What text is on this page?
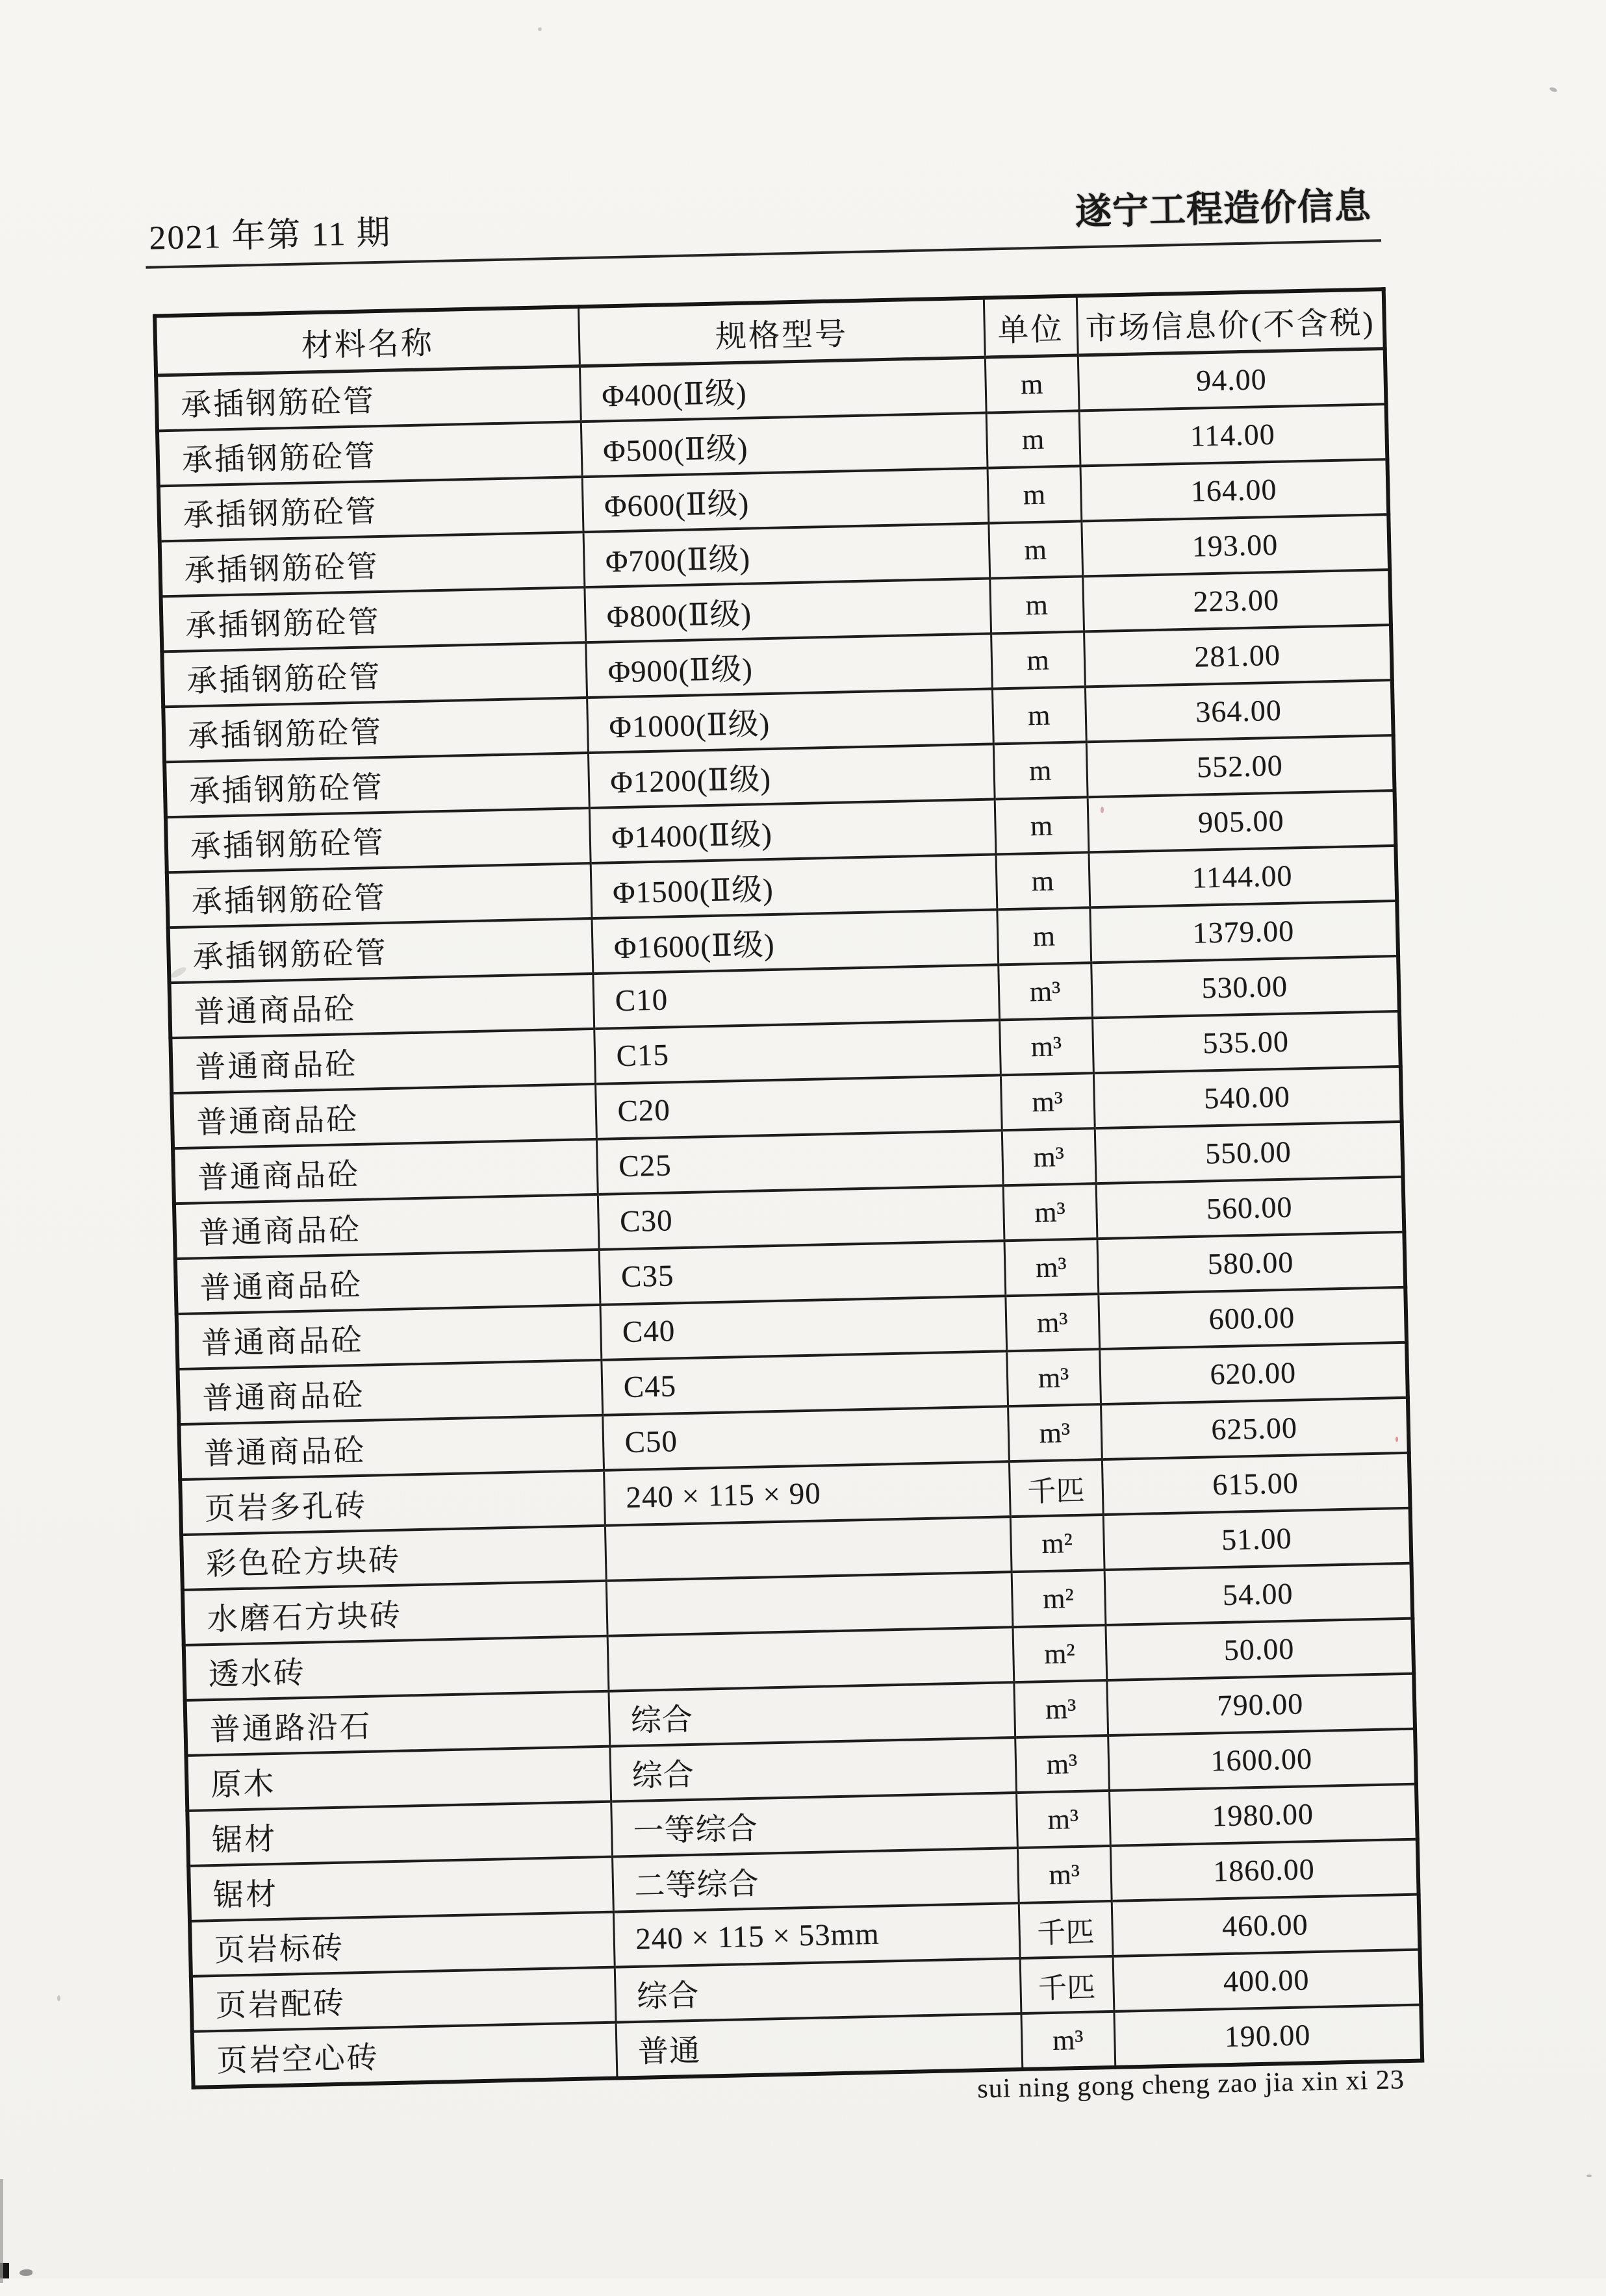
2021 年第 11 期
遂宁工程造价信息
材料名称	规格型号	单位	市场信息价(不含税)
承插钢筋砼管	Φ400(Ⅱ级)	m	94.00
承插钢筋砼管	Φ500(Ⅱ级)	m	114.00
承插钢筋砼管	Φ600(Ⅱ级)	m	164.00
承插钢筋砼管	Φ700(Ⅱ级)	m	193.00
承插钢筋砼管	Φ800(Ⅱ级)	m	223.00
承插钢筋砼管	Φ900(Ⅱ级)	m	281.00
承插钢筋砼管	Φ1000(Ⅱ级)	m	364.00
承插钢筋砼管	Φ1200(Ⅱ级)	m	552.00
承插钢筋砼管	Φ1400(Ⅱ级)	m	905.00
承插钢筋砼管	Φ1500(Ⅱ级)	m	1144.00
承插钢筋砼管	Φ1600(Ⅱ级)	m	1379.00
普通商品砼	C10	m³	530.00
普通商品砼	C15	m³	535.00
普通商品砼	C20	m³	540.00
普通商品砼	C25	m³	550.00
普通商品砼	C30	m³	560.00
普通商品砼	C35	m³	580.00
普通商品砼	C40	m³	600.00
普通商品砼	C45	m³	620.00
普通商品砼	C50	m³	625.00
页岩多孔砖	240 × 115 × 90	千匹	615.00
彩色砼方块砖		m²	51.00
水磨石方块砖		m²	54.00
透水砖		m²	50.00
普通路沿石	综合	m³	790.00
原木	综合	m³	1600.00
锯材	一等综合	m³	1980.00
锯材	二等综合	m³	1860.00
页岩标砖	240 × 115 × 53mm	千匹	460.00
页岩配砖	综合	千匹	400.00
页岩空心砖	普通	m³	190.00
sui ning gong cheng zao jia xin xi 23
